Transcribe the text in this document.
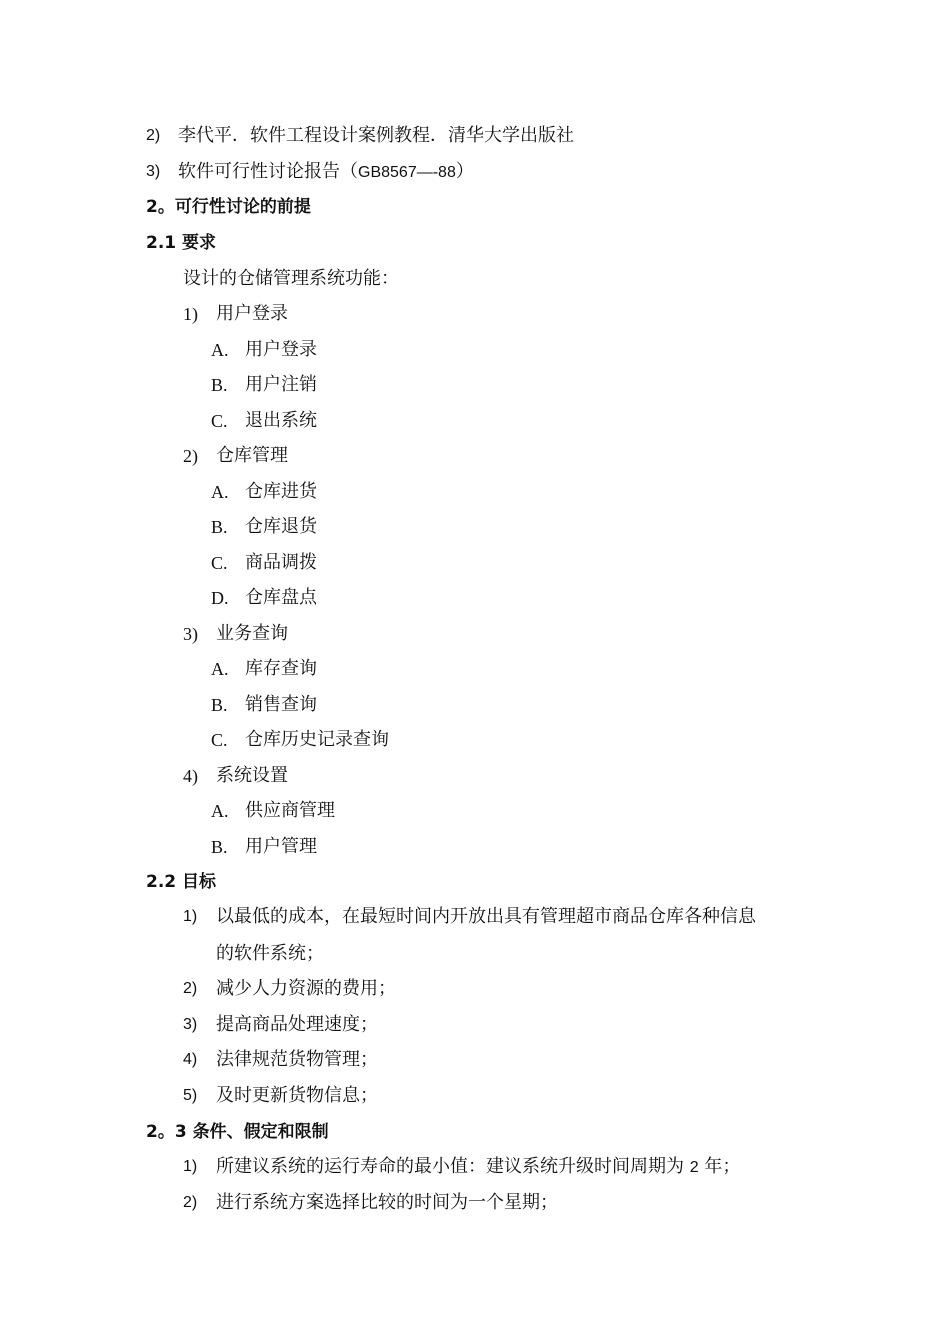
2) 李代平．软件工程设计案例教程．清华大学出版社
3) 软件可行性讨论报告（GB8567—-88）
2。可行性讨论的前提
2.1 要求
设计的仓储管理系统功能：
1) 用户登录
A. 用户登录
B. 用户注销
C. 退出系统
2) 仓库管理
A. 仓库进货
B. 仓库退货
C. 商品调拨
D. 仓库盘点
3) 业务查询
A. 库存查询
B. 销售查询
C. 仓库历史记录查询
4) 系统设置
A. 供应商管理
B. 用户管理
2.2 目标
1) 以最低的成本，在最短时间内开放出具有管理超市商品仓库各种信息
的软件系统；
2) 减少人力资源的费用；
3) 提高商品处理速度；
4) 法律规范货物管理；
5) 及时更新货物信息；
2。3 条件、假定和限制
1) 所建议系统的运行寿命的最小值：建议系统升级时间周期为 2 年；
2) 进行系统方案选择比较的时间为一个星期；
